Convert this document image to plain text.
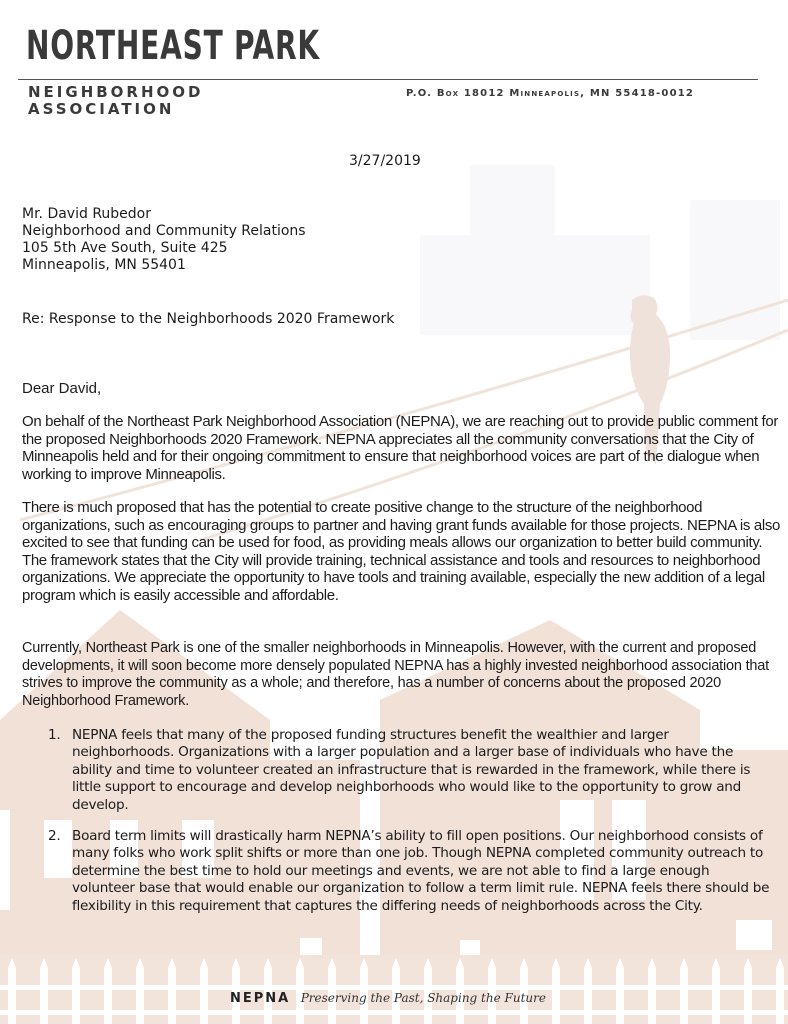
NORTHEAST PARK
NEIGHBORHOOD
ASSOCIATION
P.O. Box 18012 Minneapolis, MN 55418-0012
3/27/2019
Mr. David Rubedor
Neighborhood and Community Relations
105 5th Ave South, Suite 425
Minneapolis, MN 55401
Re: Response to the Neighborhoods 2020 Framework
Dear David,
On behalf of the Northeast Park Neighborhood Association (NEPNA), we are reaching out to provide public comment for the proposed Neighborhoods 2020 Framework. NEPNA appreciates all the community conversations that the City of Minneapolis held and for their ongoing commitment to ensure that neighborhood voices are part of the dialogue when working to improve Minneapolis.
There is much proposed that has the potential to create positive change to the structure of the neighborhood organizations, such as encouraging groups to partner and having grant funds available for those projects. NEPNA is also excited to see that funding can be used for food, as providing meals allows our organization to better build community. The framework states that the City will provide training, technical assistance and tools and resources to neighborhood organizations. We appreciate the opportunity to have tools and training available, especially the new addition of a legal program which is easily accessible and affordable.
Currently, Northeast Park is one of the smaller neighborhoods in Minneapolis. However, with the current and proposed developments, it will soon become more densely populated NEPNA has a highly invested neighborhood association that strives to improve the community as a whole; and therefore, has a number of concerns about the proposed 2020 Neighborhood Framework.
1. NEPNA feels that many of the proposed funding structures benefit the wealthier and larger neighborhoods. Organizations with a larger population and a larger base of individuals who have the ability and time to volunteer created an infrastructure that is rewarded in the framework, while there is little support to encourage and develop neighborhoods who would like to the opportunity to grow and develop.
2. Board term limits will drastically harm NEPNA’s ability to fill open positions. Our neighborhood consists of many folks who work split shifts or more than one job. Though NEPNA completed community outreach to determine the best time to hold our meetings and events, we are not able to find a large enough volunteer base that would enable our organization to follow a term limit rule. NEPNA feels there should be flexibility in this requirement that captures the differing needs of neighborhoods across the City.
NEPNA Preserving the Past, Shaping the Future
